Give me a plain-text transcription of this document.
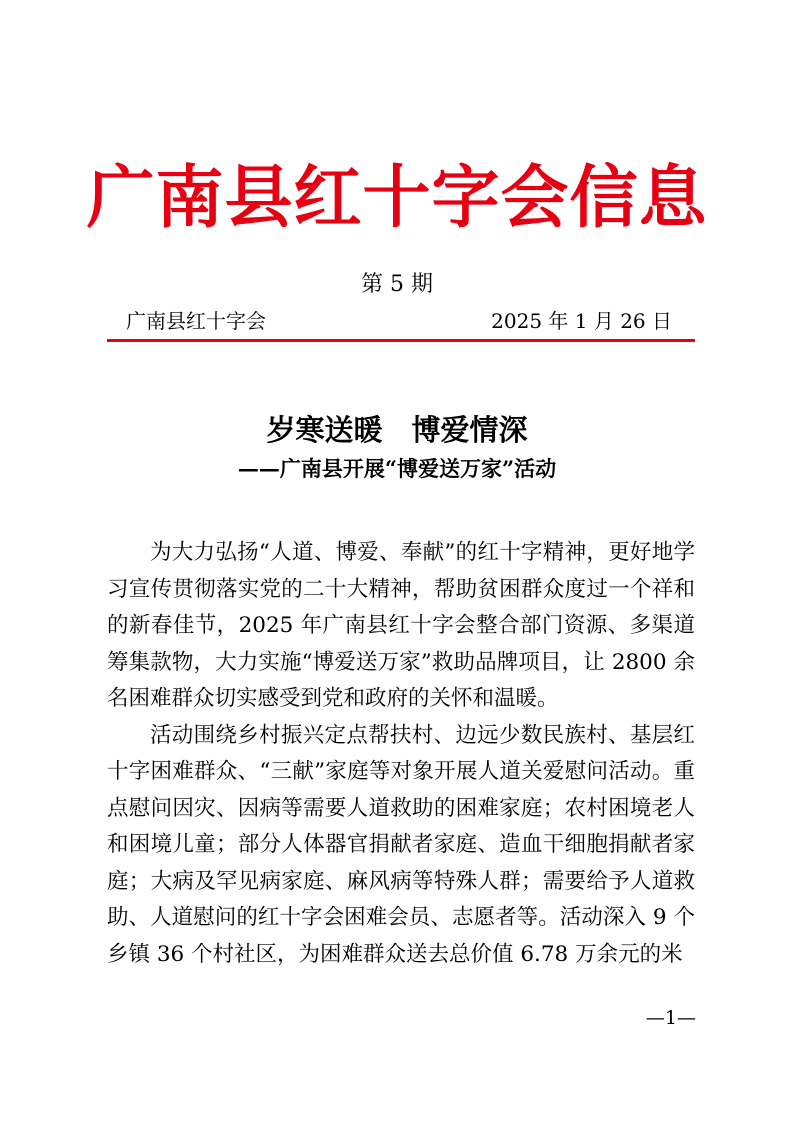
广南县红十字会信息
第 5 期
广南县红十字会	2025 年 1 月 26 日
岁寒送暖　博爱情深
——广南县开展“博爱送万家”活动

为大力弘扬“人道、博爱、奉献”的红十字精神，更好地学习宣传贯彻落实党的二十大精神，帮助贫困群众度过一个祥和的新春佳节，2025 年广南县红十字会整合部门资源、多渠道筹集款物，大力实施“博爱送万家”救助品牌项目，让 2800 余名困难群众切实感受到党和政府的关怀和温暖。

活动围绕乡村振兴定点帮扶村、边远少数民族村、基层红十字困难群众、“三献”家庭等对象开展人道关爱慰问活动。重点慰问因灾、因病等需要人道救助的困难家庭；农村困境老人和困境儿童；部分人体器官捐献者家庭、造血干细胞捐献者家庭；大病及罕见病家庭、麻风病等特殊人群；需要给予人道救助、人道慰问的红十字会困难会员、志愿者等。活动深入 9 个乡镇 36 个村社区，为困难群众送去总价值 6.78 万余元的米

—1—
